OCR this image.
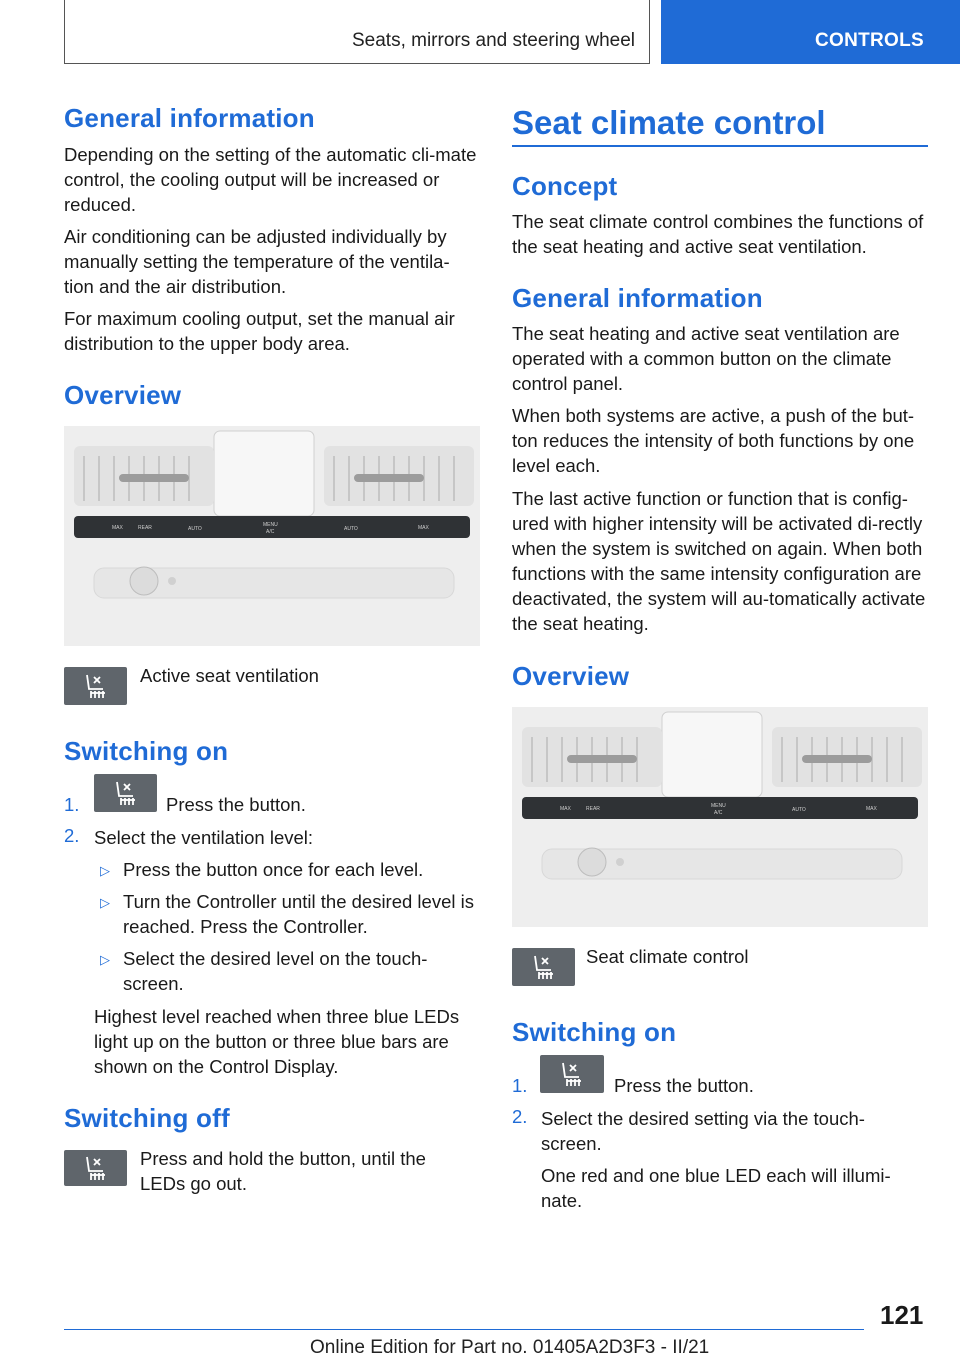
Seats, mirrors and steering wheel	CONTROLS
General information

Depending on the setting of the automatic cli-mate control, the cooling output will be increased or reduced.

Air conditioning can be adjusted individually by manually setting the temperature of the ventila-tion and the air distribution.

For maximum cooling output, set the manual air distribution to the upper body area.

Overview
MAX	REAR	AUTO
MENU
A/C	AUTO	MAX
Active seat ventilation
Switching on
1.	Press the button.
2. Select the ventilation level:
▷ Press the button once for each level.

▷ Turn the Controller until the desired level is reached. Press the Controller.

▷ Select the desired level on the touch-screen.

Highest level reached when three blue LEDs light up on the button or three blue bars are shown on the Control Display.

Switching off

Press and hold the button, until the LEDs go out.

Seat climate control
Concept

The seat climate control combines the functions of the seat heating and active seat ventilation.

General information

The seat heating and active seat ventilation are operated with a common button on the climate control panel.

When both systems are active, a push of the but-ton reduces the intensity of both functions by one level each.

The last active function or function that is config-ured with higher intensity will be activated di-rectly when the system is switched on again. When both functions with the same intensity configuration are deactivated, the system will au-tomatically activate the seat heating.

Overview
MAX	REAR	MENU
A/C	AUTO	MAX
Seat climate control
Switching on
1.	Press the button.
2. Select the desired setting via the touch-screen.

One red and one blue LED each will illumi-nate.

121
Online Edition for Part no. 01405A2D3F3 - II/21
